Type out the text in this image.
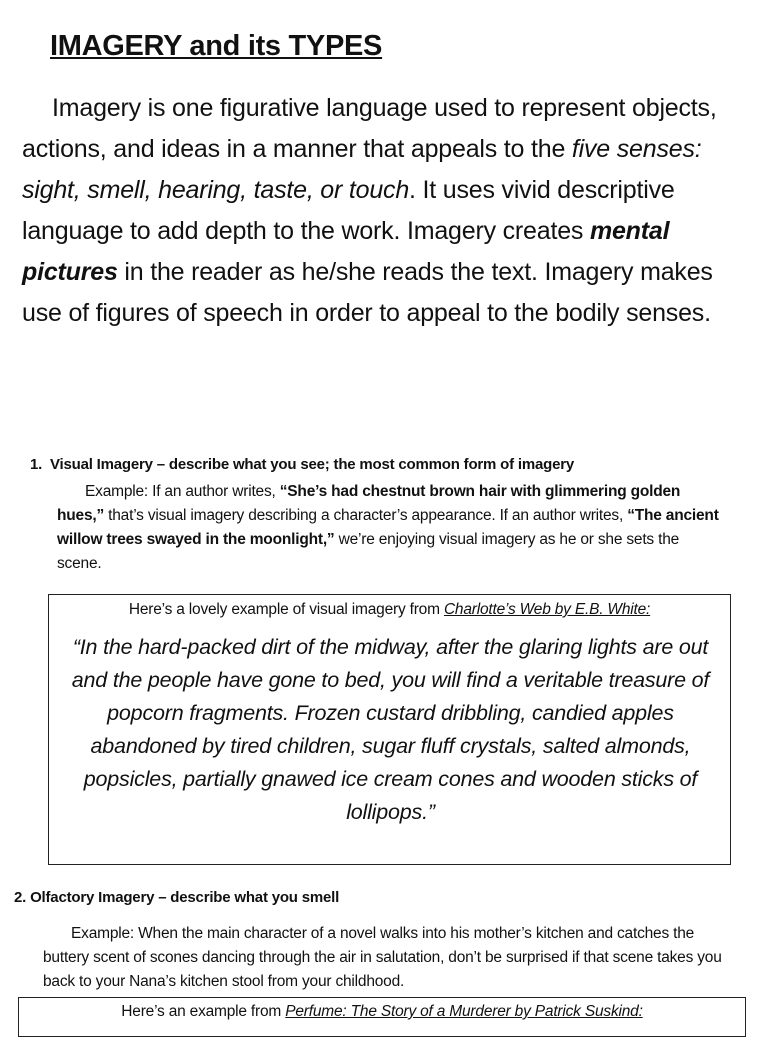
IMAGERY and its TYPES

Imagery is one figurative language used to represent objects, actions, and ideas in a manner that appeals to the five senses: sight, smell, hearing, taste, or touch. It uses vivid descriptive language to add depth to the work. Imagery creates mental pictures in the reader as he/she reads the text. Imagery makes use of figures of speech in order to appeal to the bodily senses.

1. Visual Imagery – describe what you see; the most common form of imagery

Example: If an author writes, “She’s had chestnut brown hair with glimmering golden hues,” that’s visual imagery describing a character’s appearance. If an author writes, “The ancient willow trees swayed in the moonlight,” we’re enjoying visual imagery as he or she sets the scene.

Here’s a lovely example of visual imagery from Charlotte’s Web by E.B. White:

“In the hard-packed dirt of the midway, after the glaring lights are out and the people have gone to bed, you will find a veritable treasure of popcorn fragments. Frozen custard dribbling, candied apples abandoned by tired children, sugar fluff crystals, salted almonds, popsicles, partially gnawed ice cream cones and wooden sticks of lollipops.”

2. Olfactory Imagery – describe what you smell

Example: When the main character of a novel walks into his mother’s kitchen and catches the buttery scent of scones dancing through the air in salutation, don’t be surprised if that scene takes you back to your Nana’s kitchen stool from your childhood.

Here’s an example from Perfume: The Story of a Murderer by Patrick Suskind:
